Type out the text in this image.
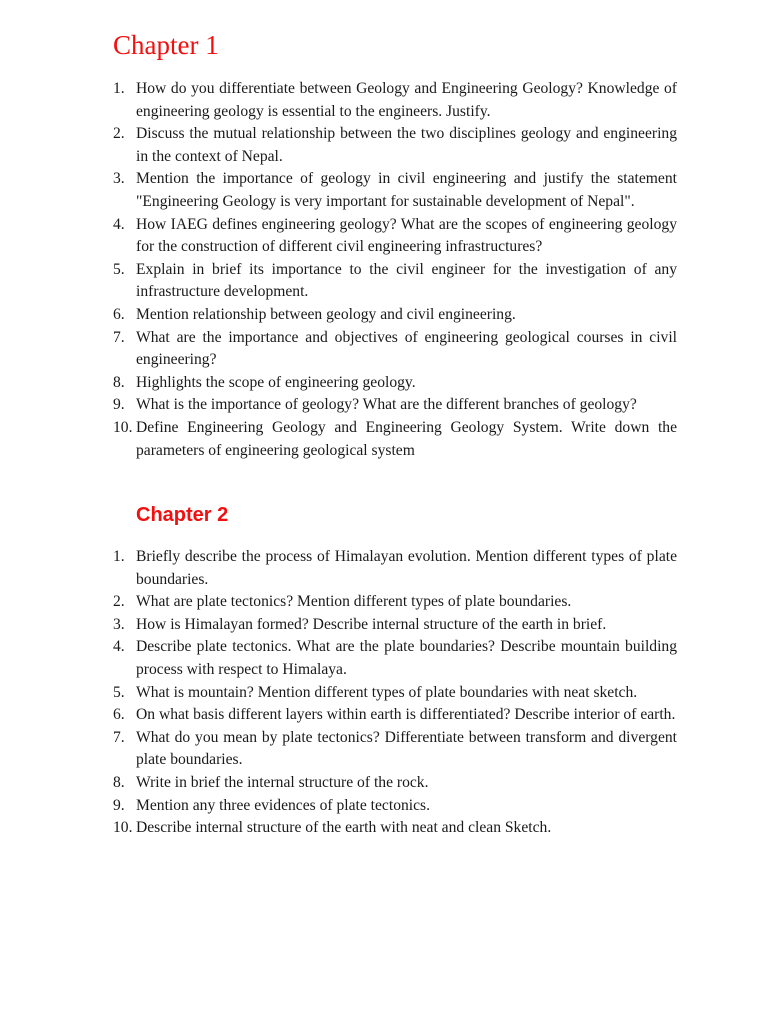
Chapter 1
1. How do you differentiate between Geology and Engineering Geology? Knowledge of engineering geology is essential to the engineers. Justify.
2. Discuss the mutual relationship between the two disciplines geology and engineering in the context of Nepal.
3. Mention the importance of geology in civil engineering and justify the statement "Engineering Geology is very important for sustainable development of Nepal".
4. How IAEG defines engineering geology? What are the scopes of engineering geology for the construction of different civil engineering infrastructures?
5. Explain in brief its importance to the civil engineer for the investigation of any infrastructure development.
6. Mention relationship between geology and civil engineering.
7. What are the importance and objectives of engineering geological courses in civil engineering?
8. Highlights the scope of engineering geology.
9. What is the importance of geology? What are the different branches of geology?
10. Define Engineering Geology and Engineering Geology System. Write down the parameters of engineering geological system
Chapter 2
1. Briefly describe the process of Himalayan evolution. Mention different types of plate boundaries.
2. What are plate tectonics? Mention different types of plate boundaries.
3. How is Himalayan formed? Describe internal structure of the earth in brief.
4. Describe plate tectonics. What are the plate boundaries? Describe mountain building process with respect to Himalaya.
5. What is mountain? Mention different types of plate boundaries with neat sketch.
6. On what basis different layers within earth is differentiated? Describe interior of earth.
7. What do you mean by plate tectonics? Differentiate between transform and divergent plate boundaries.
8. Write in brief the internal structure of the rock.
9. Mention any three evidences of plate tectonics.
10. Describe internal structure of the earth with neat and clean Sketch.
